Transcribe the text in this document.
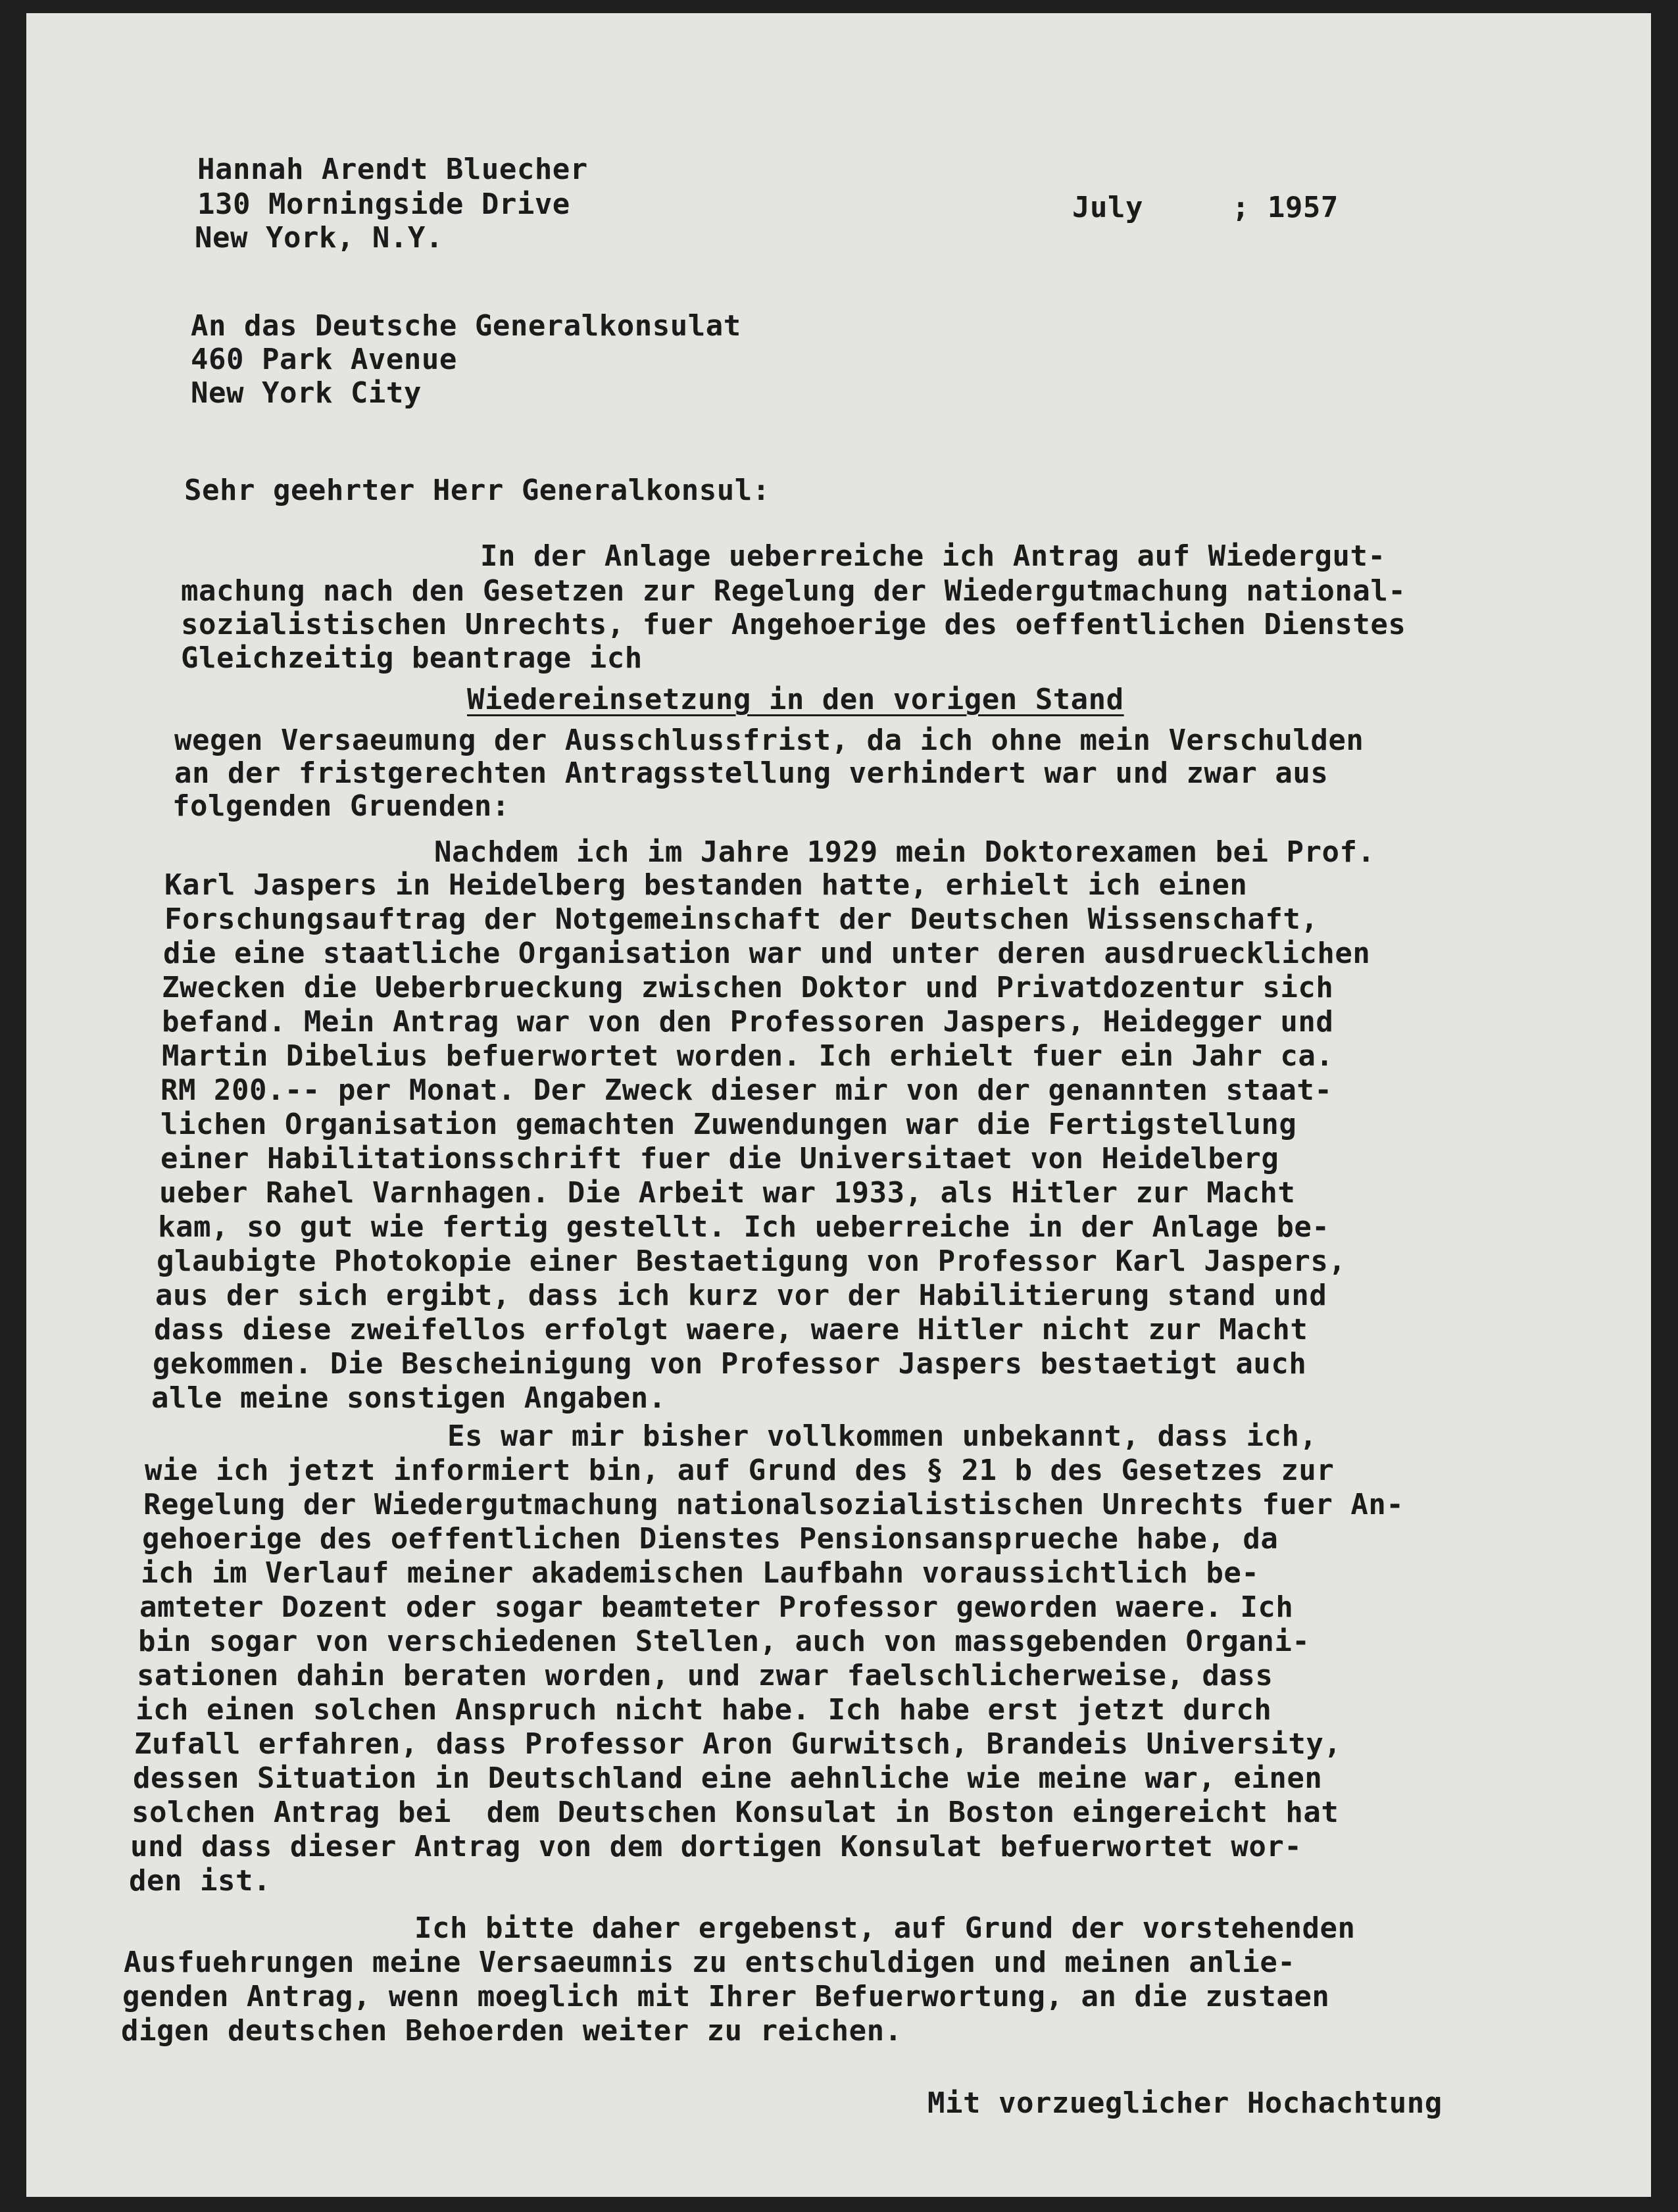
Hannah Arendt Bluecher
130 Morningside Drive
New York, N.Y.
July     ; 1957
An das Deutsche Generalkonsulat
460 Park Avenue
New York City
Sehr geehrter Herr Generalkonsul:
In der Anlage ueberreiche ich Antrag auf Wiedergut-
machung nach den Gesetzen zur Regelung der Wiedergutmachung national-
sozialistischen Unrechts, fuer Angehoerige des oeffentlichen Dienstes
Gleichzeitig beantrage ich
Wiedereinsetzung in den vorigen Stand
wegen Versaeumung der Ausschlussfrist, da ich ohne mein Verschulden
an der fristgerechten Antragsstellung verhindert war und zwar aus
folgenden Gruenden:
Nachdem ich im Jahre 1929 mein Doktorexamen bei Prof.
Karl Jaspers in Heidelberg bestanden hatte, erhielt ich einen
Forschungsauftrag der Notgemeinschaft der Deutschen Wissenschaft,
die eine staatliche Organisation war und unter deren ausdruecklichen
Zwecken die Ueberbrueckung zwischen Doktor und Privatdozentur sich
befand. Mein Antrag war von den Professoren Jaspers, Heidegger und
Martin Dibelius befuerwortet worden. Ich erhielt fuer ein Jahr ca.
RM 200.-- per Monat. Der Zweck dieser mir von der genannten staat-
lichen Organisation gemachten Zuwendungen war die Fertigstellung
einer Habilitationsschrift fuer die Universitaet von Heidelberg
ueber Rahel Varnhagen. Die Arbeit war 1933, als Hitler zur Macht
kam, so gut wie fertig gestellt. Ich ueberreiche in der Anlage be-
glaubigte Photokopie einer Bestaetigung von Professor Karl Jaspers,
aus der sich ergibt, dass ich kurz vor der Habilitierung stand und
dass diese zweifellos erfolgt waere, waere Hitler nicht zur Macht
gekommen. Die Bescheinigung von Professor Jaspers bestaetigt auch
alle meine sonstigen Angaben.
Es war mir bisher vollkommen unbekannt, dass ich,
wie ich jetzt informiert bin, auf Grund des § 21 b des Gesetzes zur
Regelung der Wiedergutmachung nationalsozialistischen Unrechts fuer An-
gehoerige des oeffentlichen Dienstes Pensionsansprueche habe, da
ich im Verlauf meiner akademischen Laufbahn voraussichtlich be-
amteter Dozent oder sogar beamteter Professor geworden waere. Ich
bin sogar von verschiedenen Stellen, auch von massgebenden Organi-
sationen dahin beraten worden, und zwar faelschlicherweise, dass
ich einen solchen Anspruch nicht habe. Ich habe erst jetzt durch
Zufall erfahren, dass Professor Aron Gurwitsch, Brandeis University,
dessen Situation in Deutschland eine aehnliche wie meine war, einen
solchen Antrag bei  dem Deutschen Konsulat in Boston eingereicht hat
und dass dieser Antrag von dem dortigen Konsulat befuerwortet wor-
den ist.
Ich bitte daher ergebenst, auf Grund der vorstehenden
Ausfuehrungen meine Versaeumnis zu entschuldigen und meinen anlie-
genden Antrag, wenn moeglich mit Ihrer Befuerwortung, an die zustaen
digen deutschen Behoerden weiter zu reichen.
Mit vorzueglicher Hochachtung
